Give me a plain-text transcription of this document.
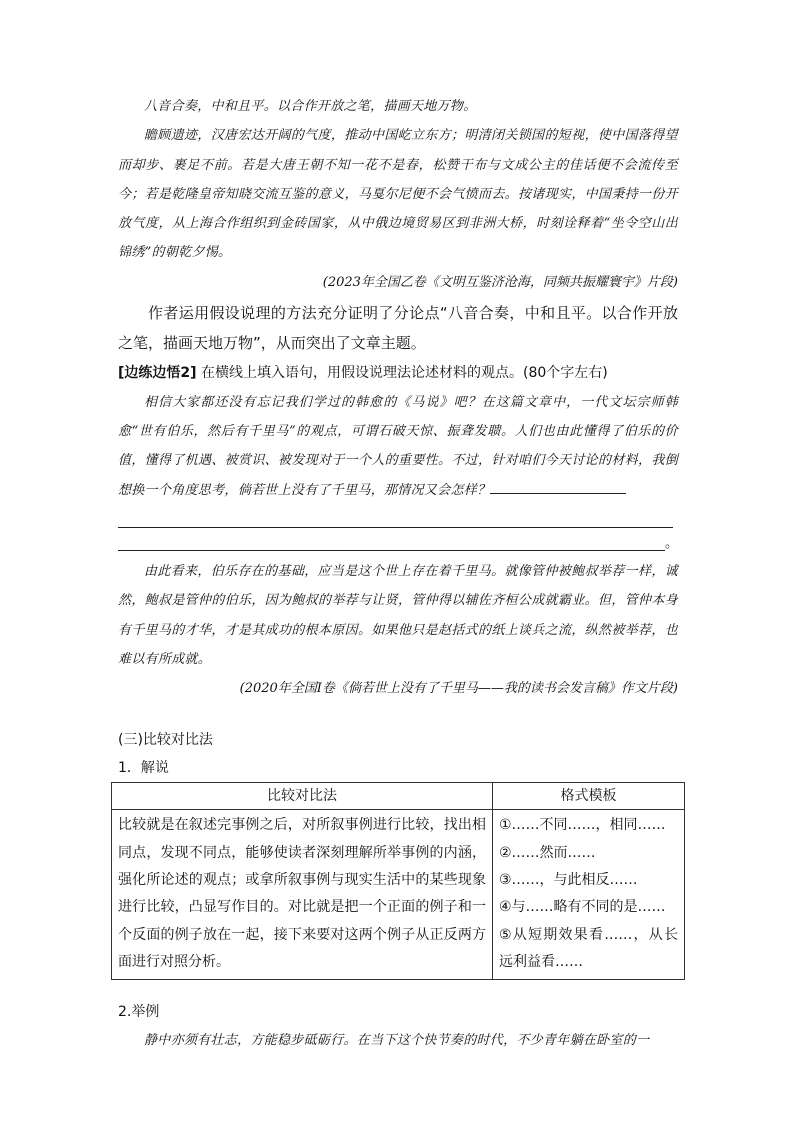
八音合奏，中和且平。以合作开放之笔，描画天地万物。

瞻顾遗迹，汉唐宏达开阔的气度，推动中国屹立东方；明清闭关锁国的短视，使中国落得望而却步、裹足不前。若是大唐王朝不知一花不是春，松赞干布与文成公主的佳话便不会流传至今；若是乾隆皇帝知晓交流互鉴的意义，马戛尔尼便不会气愤而去。按诸现实，中国秉持一份开放气度，从上海合作组织到金砖国家，从中俄边境贸易区到非洲大桥，时刻诠释着“坐令空山出锦绣”的朝乾夕惕。

(2023年全国乙卷《文明互鉴济沧海，同频共振耀寰宇》片段)

作者运用假设说理的方法充分证明了分论点“八音合奏，中和且平。以合作开放之笔，描画天地万物”，从而突出了文章主题。

[边练边悟2] 在横线上填入语句，用假设说理法论述材料的观点。(80个字左右)

相信大家都还没有忘记我们学过的韩愈的《马说》吧？在这篇文章中，一代文坛宗师韩愈“世有伯乐，然后有千里马”的观点，可谓石破天惊、振聋发聩。人们也由此懂得了伯乐的价值，懂得了机遇、被赏识、被发现对于一个人的重要性。不过，针对咱们今天讨论的材料，我倒想换一个角度思考，倘若世上没有了千里马，那情况又会怎样？

。

由此看来，伯乐存在的基础，应当是这个世上存在着千里马。就像管仲被鲍叔举荐一样，诚然，鲍叔是管仲的伯乐，因为鲍叔的举荐与让贤，管仲得以辅佐齐桓公成就霸业。但，管仲本身有千里马的才华，才是其成功的根本原因。如果他只是赵括式的纸上谈兵之流，纵然被举荐，也难以有所成就。

(2020年全国Ⅰ卷《倘若世上没有了千里马——我的读书会发言稿》作文片段)

(三)比较对比法

1．解说

比较对比法	格式模板
比较就是在叙述完事例之后，对所叙事例进行比较，找出相同点，发现不同点，能够使读者深刻理解所举事例的内涵，强化所论述的观点；或拿所叙事例与现实生活中的某些现象进行比较，凸显写作目的。对比就是把一个正面的例子和一个反面的例子放在一起，接下来要对这两个例子从正反两方面进行对照分析。	①……不同……，相同……
②……然而……
③……，与此相反……
④与……略有不同的是……
⑤从短期效果看……，从长远利益看……

2.举例

静中亦须有壮志，方能稳步砥砺行。在当下这个快节奏的时代，不少青年躺在卧室的一
